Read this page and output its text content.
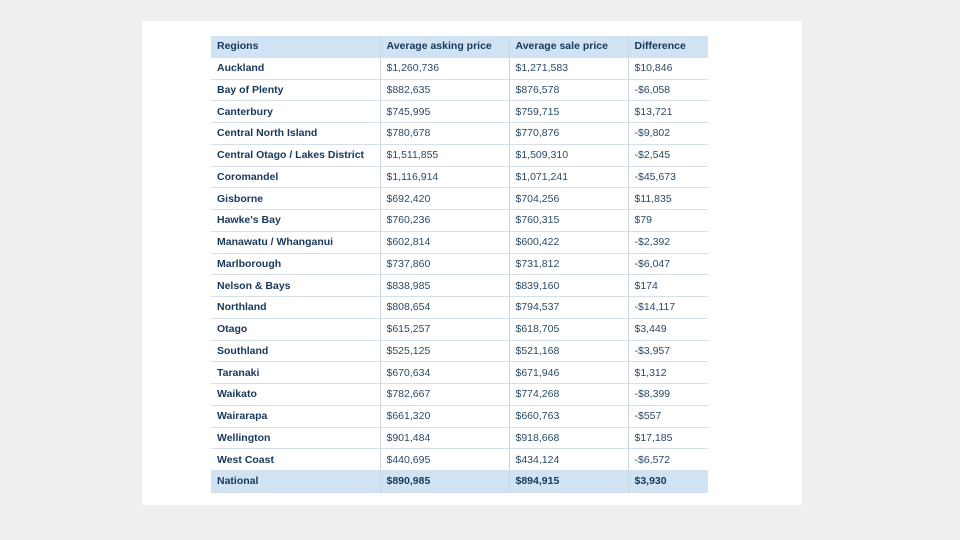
Regions	Average asking price	Average sale price	Difference
Auckland	$1,260,736	$1,271,583	$10,846
Bay of Plenty	$882,635	$876,578	-$6,058
Canterbury	$745,995	$759,715	$13,721
Central North Island	$780,678	$770,876	-$9,802
Central Otago / Lakes District	$1,511,855	$1,509,310	-$2,545
Coromandel	$1,116,914	$1,071,241	-$45,673
Gisborne	$692,420	$704,256	$11,835
Hawke's Bay	$760,236	$760,315	$79
Manawatu / Whanganui	$602,814	$600,422	-$2,392
Marlborough	$737,860	$731,812	-$6,047
Nelson & Bays	$838,985	$839,160	$174
Northland	$808,654	$794,537	-$14,117
Otago	$615,257	$618,705	$3,449
Southland	$525,125	$521,168	-$3,957
Taranaki	$670,634	$671,946	$1,312
Waikato	$782,667	$774,268	-$8,399
Wairarapa	$661,320	$660,763	-$557
Wellington	$901,484	$918,668	$17,185
West Coast	$440,695	$434,124	-$6,572
National	$890,985	$894,915	$3,930
